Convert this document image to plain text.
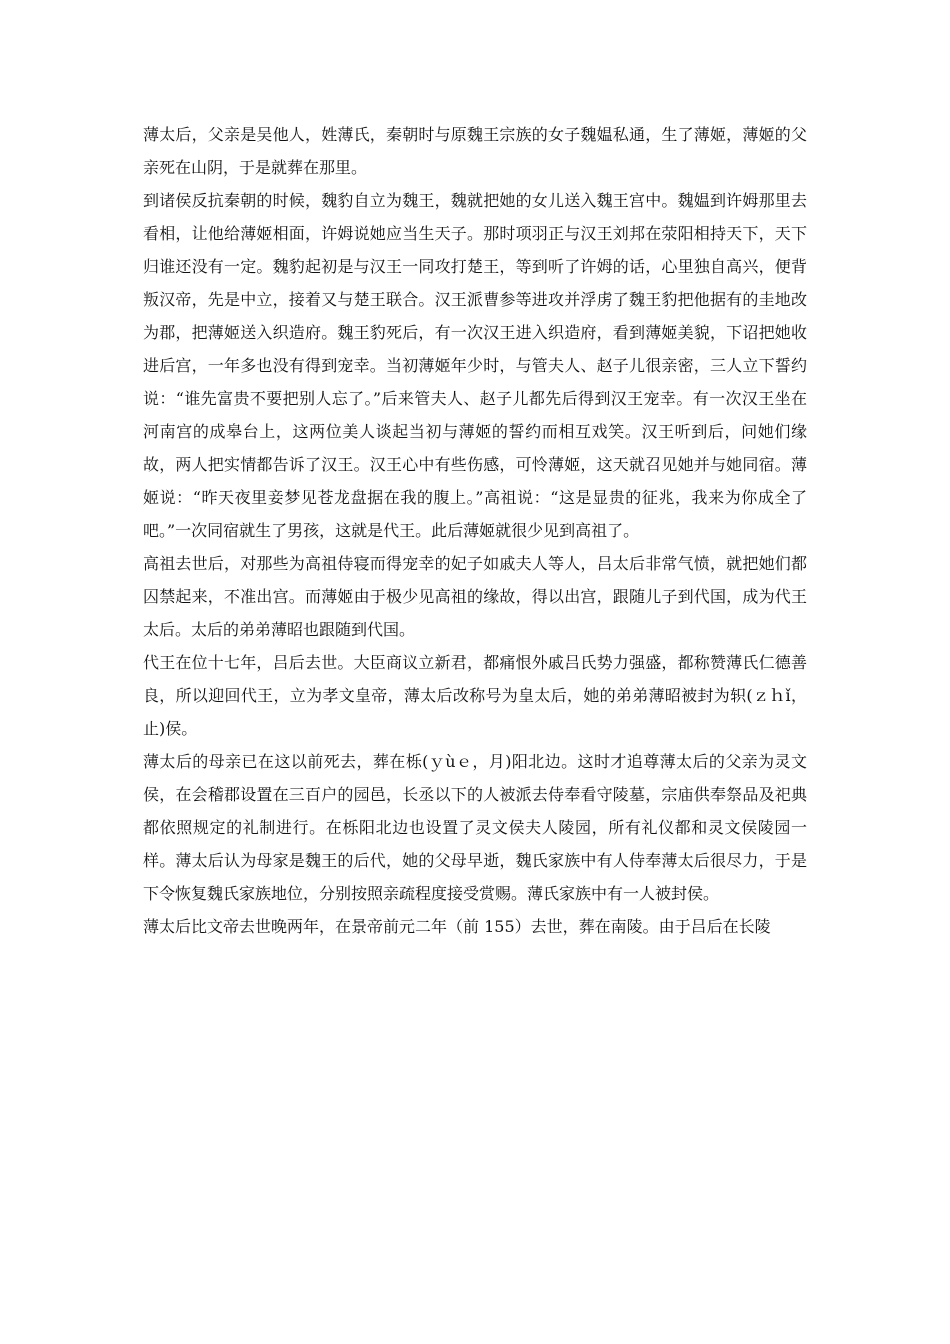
薄太后，父亲是吴他人，姓薄氏，秦朝时与原魏王宗族的女子魏媪私通，生了薄姬，薄姬的父亲死在山阴，于是就葬在那里。

到诸侯反抗秦朝的时候，魏豹自立为魏王，魏就把她的女儿送入魏王宫中。魏媪到许姆那里去看相，让他给薄姬相面，许姆说她应当生天子。那时项羽正与汉王刘邦在荥阳相持天下，天下归谁还没有一定。魏豹起初是与汉王一同攻打楚王，等到听了许姆的话，心里独自高兴，便背叛汉帝，先是中立，接着又与楚王联合。汉王派曹参等进攻并浮虏了魏王豹把他据有的圭地改为郡，把薄姬送入织造府。魏王豹死后，有一次汉王进入织造府，看到薄姬美貌，下诏把她收进后宫，一年多也没有得到宠幸。当初薄姬年少时，与管夫人、赵子儿很亲密，三人立下誓约说：“谁先富贵不要把别人忘了。”后来管夫人、赵子儿都先后得到汉王宠幸。有一次汉王坐在河南宫的成皋台上，这两位美人谈起当初与薄姬的誓约而相互戏笑。汉王听到后，问她们缘故，两人把实情都告诉了汉王。汉王心中有些伤感，可怜薄姬，这天就召见她并与她同宿。薄姬说：“昨天夜里妾梦见苍龙盘据在我的腹上。”高祖说：“这是显贵的征兆，我来为你成全了吧。”一次同宿就生了男孩，这就是代王。此后薄姬就很少见到高祖了。

高祖去世后，对那些为高祖侍寝而得宠幸的妃子如戚夫人等人，吕太后非常气愤，就把她们都囚禁起来，不准出宫。而薄姬由于极少见高祖的缘故，得以出宫，跟随儿子到代国，成为代王太后。太后的弟弟薄昭也跟随到代国。

代王在位十七年，吕后去世。大臣商议立新君，都痛恨外戚吕氏势力强盛，都称赞薄氏仁德善良，所以迎回代王，立为孝文皇帝，薄太后改称号为皇太后，她的弟弟薄昭被封为轵(ｚｈǐ，止)侯。

薄太后的母亲已在这以前死去，葬在栎(ｙùｅ，月)阳北边。这时才追尊薄太后的父亲为灵文侯，在会稽郡设置在三百户的园邑，长丞以下的人被派去侍奉看守陵墓，宗庙供奉祭品及祀典都依照规定的礼制进行。在栎阳北边也设置了灵文侯夫人陵园，所有礼仪都和灵文侯陵园一样。薄太后认为母家是魏王的后代，她的父母早逝，魏氏家族中有人侍奉薄太后很尽力，于是下令恢复魏氏家族地位，分别按照亲疏程度接受赏赐。薄氏家族中有一人被封侯。

薄太后比文帝去世晚两年，在景帝前元二年（前 155）去世，葬在南陵。由于吕后在长陵
